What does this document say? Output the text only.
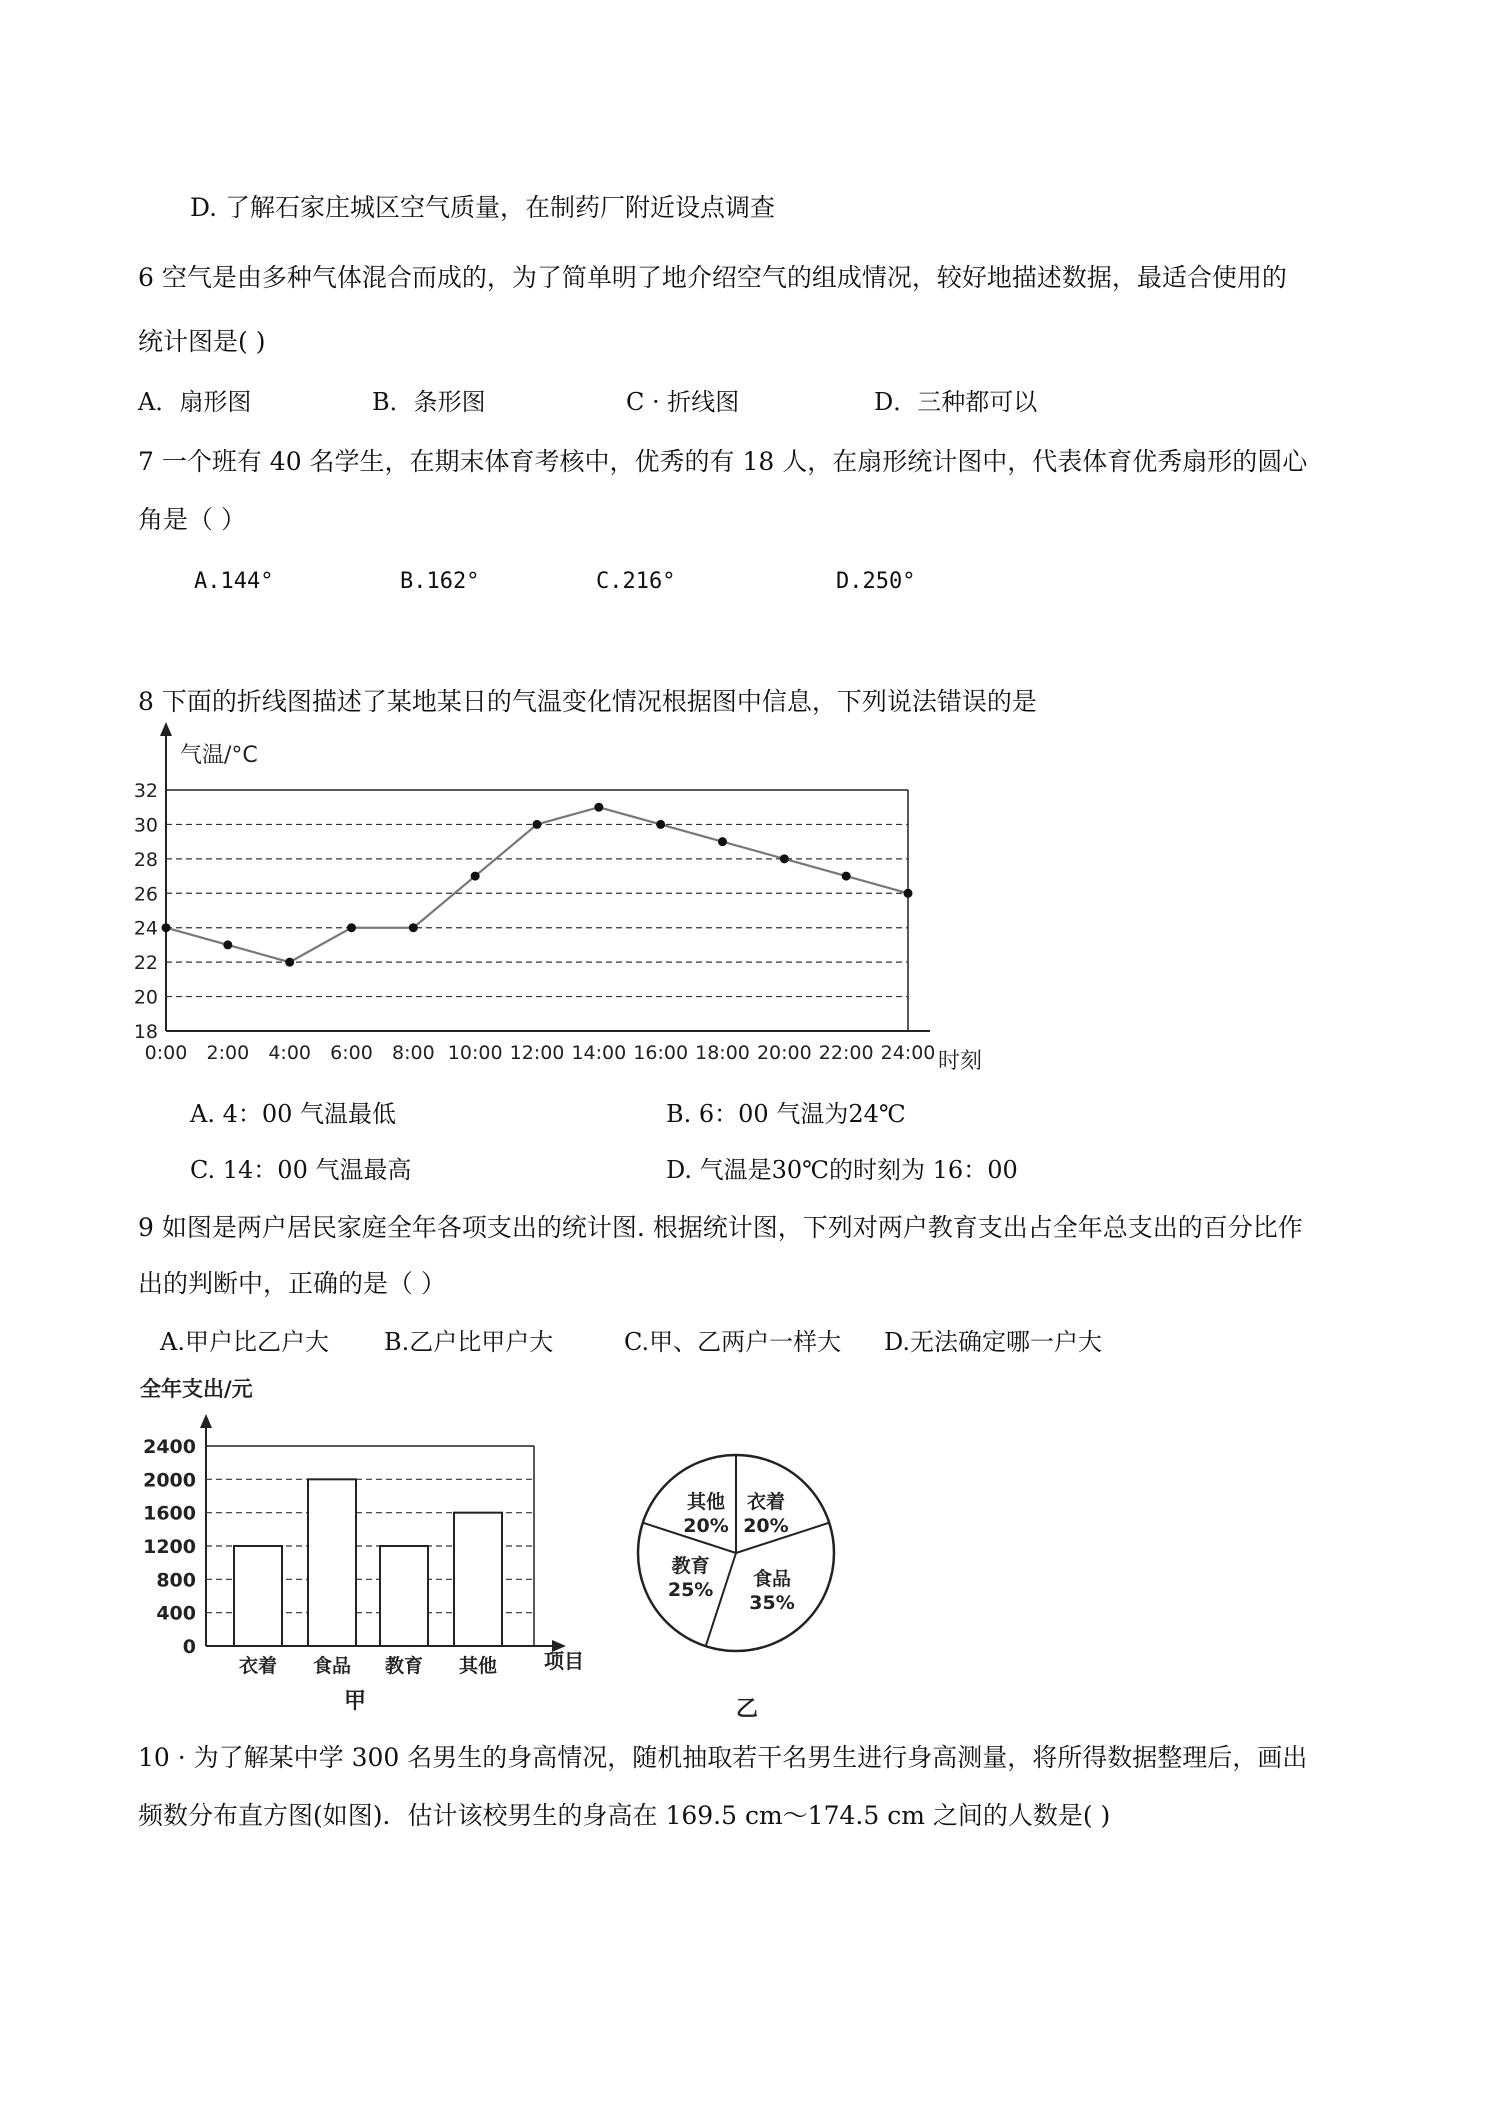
D. 了解石家庄城区空气质量，在制药厂附近设点调查
6 空气是由多种气体混合而成的，为了简单明了地介绍空气的组成情况，较好地描述数据，最适合使用的
统计图是( )
A．扇形图	B．条形图	C · 折线图	D．三种都可以
7 一个班有 40 名学生，在期末体育考核中，优秀的有 18 人，在扇形统计图中，代表体育优秀扇形的圆心
角是（ ）
A.144°	B.162°	C.216°	D.250°
8 下面的折线图描述了某地某日的气温变化情况根据图中信息，下列说法错误的是
气温/°C
时刻
18
20
22
24
26
28
30
32
0:00 2:00 4:00 6:00 8:00 10:00 12:00 14:00 16:00 18:00 20:00 22:00 24:00
A. 4：00 气温最低	B. 6：00 气温为24℃
C. 14：00 气温最高	D. 气温是30℃的时刻为 16：00
9 如图是两户居民家庭全年各项支出的统计图. 根据统计图，下列对两户教育支出占全年总支出的百分比作
出的判断中，正确的是（ ）
A.甲户比乙户大 B.乙户比甲户大	C.甲、乙两户一样大 D.无法确定哪一户大
全年支出/元
项目
甲
0
400
800
1200
1600
2000
2400
衣着 食品 教育 其他
乙
衣着
20%
食品
35%
教育
25%
其他
20%
10 · 为了解某中学 300 名男生的身高情况，随机抽取若干名男生进行身高测量，将所得数据整理后，画出
频数分布直方图(如图)．估计该校男生的身高在 169.5 cm～174.5 cm 之间的人数是( )
